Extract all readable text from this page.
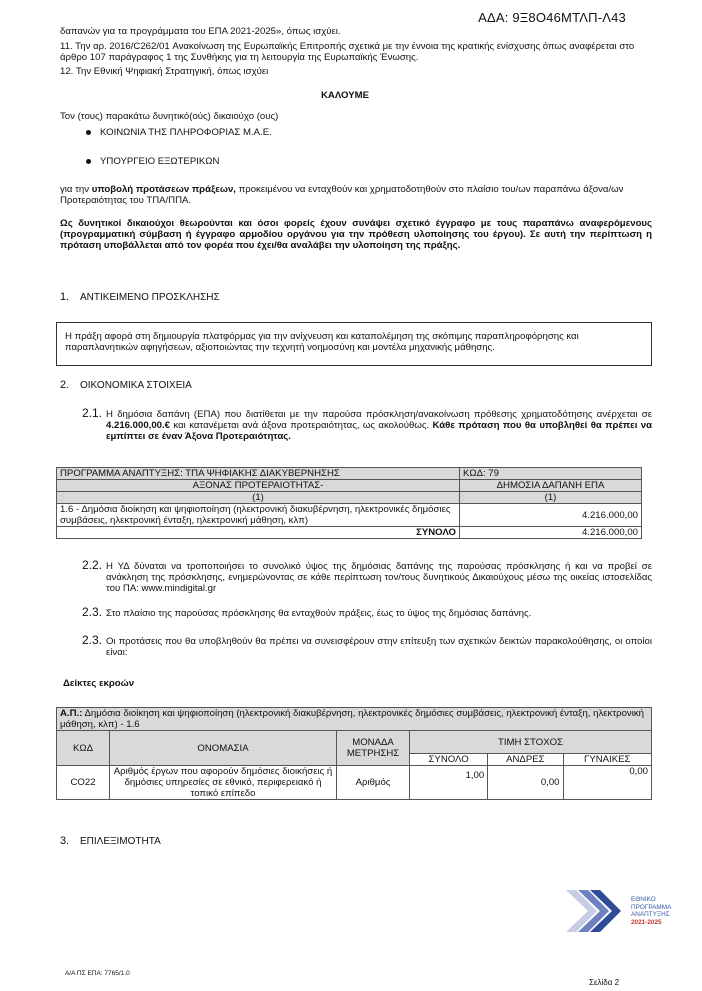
ΑΔΑ: 9Ξ8Ο46ΜΤΛΠ-Λ43
δαπανών για τα προγράμματα του ΕΠΑ 2021-2025», όπως ισχύει.
11. Την αρ. 2016/C262/01 Ανακοίνωση της Ευρωπαϊκής Επιτροπής σχετικά με την έννοια της κρατικής ενίσχυσης όπως αναφέρεται στο άρθρο 107 παράγραφος 1 της Συνθήκης για τη λειτουργία της Ευρωπαϊκής Ένωσης.
12. Την Εθνική Ψηφιακή Στρατηγική, όπως ισχύει
ΚΑΛΟΥΜΕ
Τον (τους) παρακάτω δυνητικό(ούς) δικαιούχο (ους)
ΚΟΙΝΩΝΙΑ ΤΗΣ ΠΛΗΡΟΦΟΡΙΑΣ Μ.Α.Ε.
ΥΠΟΥΡΓΕΙΟ ΕΞΩΤΕΡΙΚΩΝ
για την υποβολή προτάσεων πράξεων, προκειμένου να ενταχθούν και χρηματοδοτηθούν στο πλαίσιο του/ων παραπάνω άξονα/ων Προτεραιότητας του ΤΠΑ/ΠΠΑ.
Ως δυνητικοί δικαιούχοι θεωρούνται και όσοι φορείς έχουν συνάψει σχετικό έγγραφο με τους παραπάνω αναφερόμενους (προγραμματική σύμβαση ή έγγραφο αρμοδίου οργάνου για την πρόθεση υλοποίησης του έργου). Σε αυτή την περίπτωση η πρόταση υποβάλλεται από τον φορέα που έχει/θα αναλάβει την υλοποίηση της πράξης.
1. ΑΝΤΙΚΕΙΜΕΝΟ ΠΡΟΣΚΛΗΣΗΣ
Η πράξη αφορά στη δημιουργία πλατφόρμας για την ανίχνευση και καταπολέμηση της σκόπιμης παραπληροφόρησης και παραπλανητικών αφηγήσεων, αξιοποιώντας την τεχνητή νοημοσύνη και μοντέλα μηχανικής μάθησης.
2. ΟΙΚΟΝΟΜΙΚΑ ΣΤΟΙΧΕΙΑ
2.1. Η δημόσια δαπάνη (ΕΠΑ) που διατίθεται με την παρούσα πρόσκληση/ανακοίνωση πρόθεσης χρηματοδότησης ανέρχεται σε 4.216.000,00.€ και κατανέμεται ανά άξονα προτεραιότητας, ως ακολούθως. Κάθε πρόταση που θα υποβληθεί θα πρέπει να εμπίπτει σε έναν Άξονα Προτεραιότητας.
ΠΡΟΓΡΑΜΜΑ ΑΝΑΠΤΥΞΗΣ: ΤΠΑ ΨΗΦΙΑΚΗΣ ΔΙΑΚΥΒΕΡΝΗΣΗΣ	ΚΩΔ: 79
ΑΞΟΝΑΣ ΠΡΟΤΕΡΑΙΟΤΗΤΑΣ-	ΔΗΜΟΣΙΑ ΔΑΠΑΝΗ ΕΠΑ
(1)	(1)
1.6 - Δημόσια διοίκηση και ψηφιοποίηση (ηλεκτρονική διακυβέρνηση, ηλεκτρονικές δημόσιες συμβάσεις, ηλεκτρονική ένταξη, ηλεκτρονική μάθηση, κλπ)	4.216.000,00
ΣΥΝΟΛΟ	4.216.000,00
2.2. Η ΥΔ δύναται να τροποποιήσει το συνολικό ύψος της δημόσιας δαπάνης της παρούσας πρόσκλησης ή και να προβεί σε ανάκληση της πρόσκλησης, ενημερώνοντας σε κάθε περίπτωση τον/τους δυνητικούς Δικαιούχους μέσω της οικείας ιστοσελίδας του ΠΑ: www.mindigital.gr
2.3. Στο πλαίσιο της παρούσας πρόσκλησης θα ενταχθούν πράξεις, έως το ύψος της δημόσιας δαπάνης.
2.3. Οι προτάσεις που θα υποβληθούν θα πρέπει να συνεισφέρουν στην επίτευξη των σχετικών δεικτών παρακολούθησης, οι οποίοι είναι:
Δείκτες εκροών
Α.Π.: Δημόσια διοίκηση και ψηφιοποίηση (ηλεκτρονική διακυβέρνηση, ηλεκτρονικές δημόσιες συμβάσεις, ηλεκτρονική ένταξη, ηλεκτρονική μάθηση, κλπ) - 1.6					
ΚΩΔ	ΟΝΟΜΑΣΙΑ	ΜΟΝΑΔΑ ΜΕΤΡΗΣΗΣ	ΤΙΜΗ ΣΤΟΧΟΣ		
			ΣΥΝΟΛΟ	ΑΝΔΡΕΣ	ΓΥΝΑΙΚΕΣ
CO22	Αριθμός έργων που αφορούν δημόσιες διοικήσεις ή δημόσιες υπηρεσίες σε εθνικό, περιφερειακό ή τοπικό επίπεδο	Αριθμός	1,00	0,00	0,00
3. ΕΠΙΛΕΞΙΜΟΤΗΤΑ
ΕΘΝΙΚΟ
ΠΡΟΓΡΑΜΜΑ
ΑΝΑΠΤΥΞΗΣ
2021-2025
Α/Α ΠΣ ΕΠΑ: 7765/1.0
Σελίδα 2
